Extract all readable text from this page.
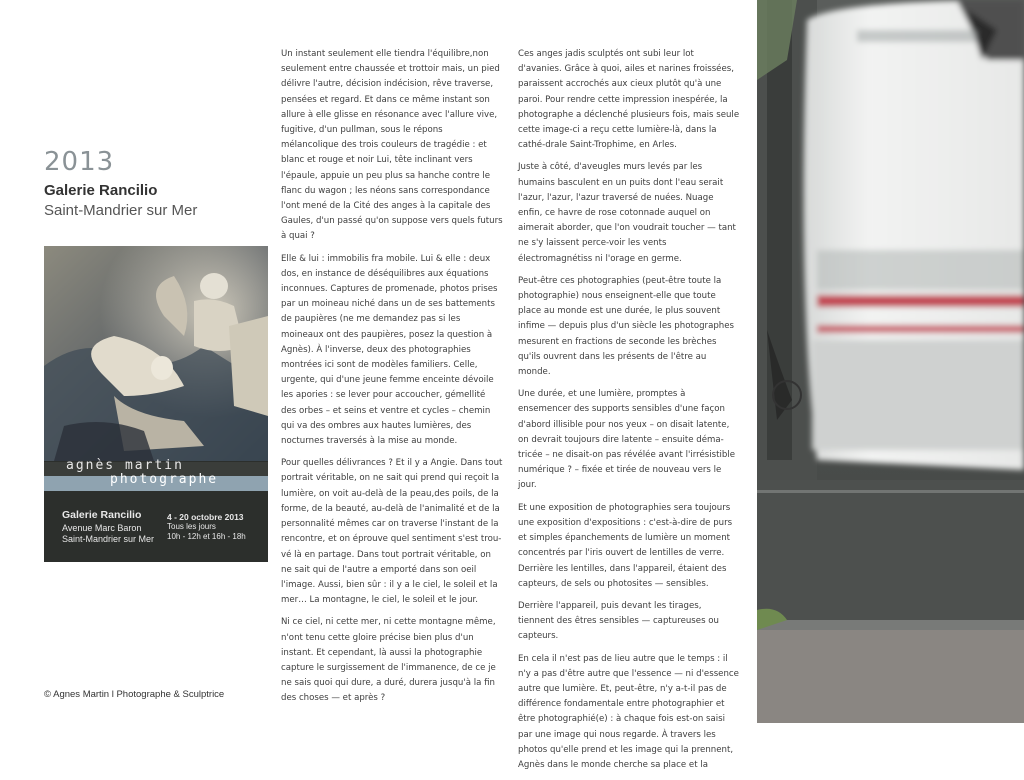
2013
Galerie Rancilio
Saint-Mandrier sur Mer
agnès martin
photographe
Galerie Rancilio
Avenue Marc Baron
Saint-Mandrier sur Mer
4 - 20 octobre 2013
Tous les jours
10h - 12h et 16h - 18h
© Agnes Martin l Photographe & Sculptrice

Un instant seulement elle tiendra l'équilibre,non seulement entre chaussée et trottoir mais, un pied délivre l'autre, décision indécision, rêve traverse, pensées et regard. Et dans ce même instant son allure à elle glisse en résonance avec l'allure vive, fugitive, d'un pullman, sous le répons mélancolique des trois couleurs de tragédie : et blanc et rouge et noir Lui, tête inclinant vers l'épaule, appuie un peu plus sa hanche contre le flanc du wagon ; les néons sans correspondance l'ont mené de la Cité des anges à la capitale des Gaules, d'un passé qu'on suppose vers quels futurs à quai ?

Elle & lui : immobilis fra mobile. Lui & elle : deux dos, en instance de déséquilibres aux équations inconnues. Captures de promenade, photos prises par un moineau niché dans un de ses battements de paupières (ne me demandez pas si les moineaux ont des paupières, posez la question à Agnès). À l'inverse, deux des photographies montrées ici sont de modèles familiers. Celle, urgente, qui d'une jeune femme enceinte dévoile les apories : se lever pour accoucher, gémellité des orbes – et seins et ventre et cycles – chemin qui va des ombres aux hautes lumières, des nocturnes traversés à la mise au monde.

Pour quelles délivrances ? Et il y a Angie. Dans tout portrait véritable, on ne sait qui prend qui reçoit la lumière, on voit au-delà de la peau,des poils, de la forme, de la beauté, au-delà de l'animalité et de la personnalité mêmes car on traverse l'instant de la rencontre, et on éprouve quel sentiment s'est trou-vé là en partage. Dans tout portrait véritable, on ne sait qui de l'autre a emporté dans son oeil l'image. Aussi, bien sûr : il y a le ciel, le soleil et la mer… La montagne, le ciel, le soleil et le jour.

Ni ce ciel, ni cette mer, ni cette montagne même, n'ont tenu cette gloire précise bien plus d'un instant. Et cependant, là aussi la photographie capture le surgissement de l'immanence, de ce je ne sais quoi qui dure, a duré, durera jusqu'à la fin des choses — et après ?

Ces anges jadis sculptés ont subi leur lot d'avanies. Grâce à quoi, ailes et narines froissées, paraissent accrochés aux cieux plutôt qu'à une paroi. Pour rendre cette impression inespérée, la photographe a déclenché plusieurs fois, mais seule cette image-ci a reçu cette lumière-là, dans la cathé-drale Saint-Trophime, en Arles.

Juste à côté, d'aveugles murs levés par les humains basculent en un puits dont l'eau serait l'azur, l'azur, l'azur traversé de nuées. Nuage enfin, ce havre de rose cotonnade auquel on aimerait aborder, que l'on voudrait toucher — tant ne s'y laissent perce-voir les vents électromagnétiss ni l'orage en germe.

Peut-être ces photographies (peut-être toute la photographie) nous enseignent-elle que toute place au monde est une durée, le plus souvent infime — depuis plus d'un siècle les photographes mesurent en fractions de seconde les brèches qu'ils ouvrent dans les présents de l'être au monde.

Une durée, et une lumière, promptes à ensemencer des supports sensibles d'une façon d'abord illisible pour nos yeux – on disait latente, on devrait toujours dire latente – ensuite déma-tricée – ne disait-on pas révélée avant l'irrésistible numérique ? – fixée et tirée de nouveau vers le jour.

Et une exposition de photographies sera toujours une exposition d'expositions : c'est-à-dire de purs et simples épanchements de lumière un moment concentrés par l'iris ouvert de lentilles de verre. Derrière les lentilles, dans l'appareil, étaient des capteurs, de sels ou photosites — sensibles.

Derrière l'appareil, puis devant les tirages, tiennent des êtres sensibles — captureuses ou capteurs.

En cela il n'est pas de lieu autre que le temps : il n'y a pas d'être autre que l'essence — ni d'essence autre que lumière. Et, peut-être, n'y a-t-il pas de différence fondamentale entre photographier et être photographié(e) : à chaque fois est-on saisi par une image qui nous regarde. À travers les photos qu'elle prend et les image qui la prennent, Agnès dans le monde cherche sa place et la
